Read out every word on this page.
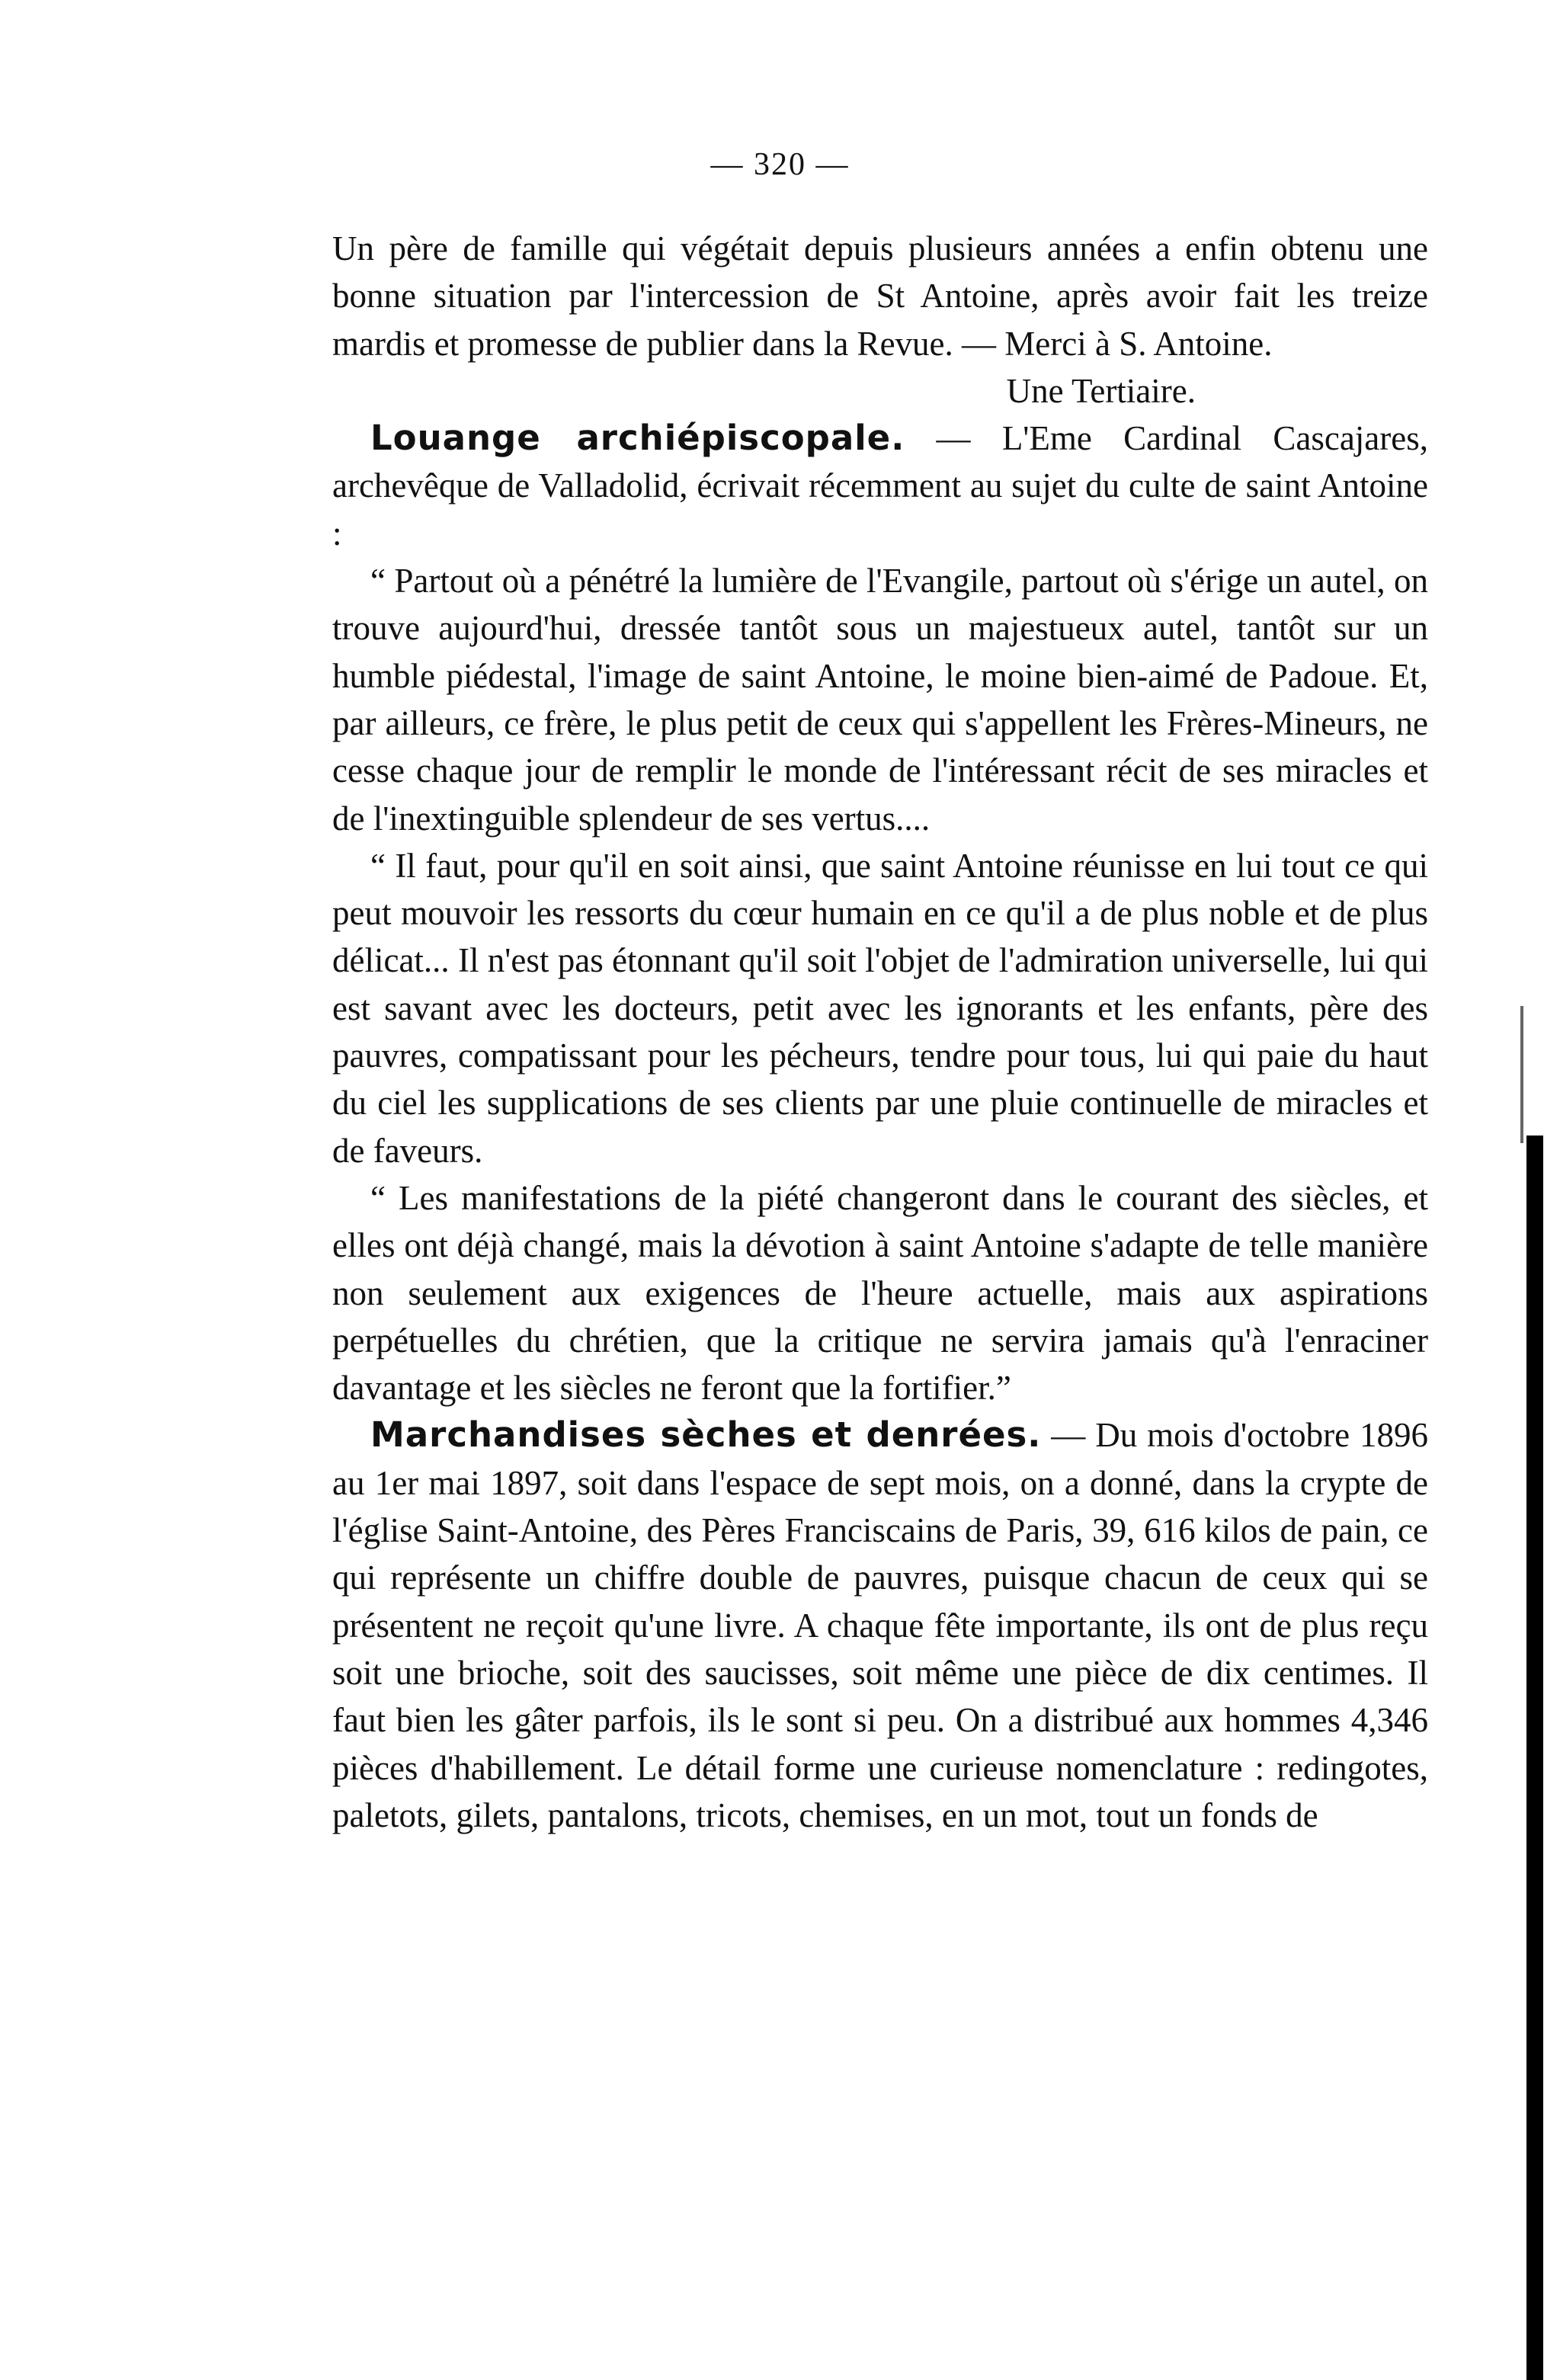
— 320 —

Un père de famille qui végétait depuis plusieurs années a enfin obtenu une bonne situation par l'intercession de St Antoine, après avoir fait les treize mardis et promesse de publier dans la Revue. — Merci à S. Antoine.

Une Tertiaire.

Louange archiépiscopale. — L'Eme Cardinal Cascajares, archevêque de Valladolid, écrivait récemment au sujet du culte de saint Antoine :

“ Partout où a pénétré la lumière de l'Evangile, partout où s'érige un autel, on trouve aujourd'hui, dressée tantôt sous un majestueux autel, tantôt sur un humble piédestal, l'image de saint Antoine, le moine bien-aimé de Padoue. Et, par ailleurs, ce frère, le plus petit de ceux qui s'appellent les Frères-Mineurs, ne cesse chaque jour de remplir le monde de l'intéressant récit de ses miracles et de l'inextinguible splendeur de ses vertus....

“ Il faut, pour qu'il en soit ainsi, que saint Antoine réunisse en lui tout ce qui peut mouvoir les ressorts du cœur humain en ce qu'il a de plus noble et de plus délicat... Il n'est pas étonnant qu'il soit l'objet de l'admiration universelle, lui qui est savant avec les docteurs, petit avec les ignorants et les enfants, père des pauvres, compatissant pour les pécheurs, tendre pour tous, lui qui paie du haut du ciel les supplications de ses clients par une pluie continuelle de miracles et de faveurs.

“ Les manifestations de la piété changeront dans le courant des siècles, et elles ont déjà changé, mais la dévotion à saint Antoine s'adapte de telle manière non seulement aux exigences de l'heure actuelle, mais aux aspirations perpétuelles du chrétien, que la critique ne servira jamais qu'à l'enraciner davantage et les siècles ne feront que la fortifier.”

Marchandises sèches et denrées. — Du mois d'octobre 1896 au 1er mai 1897, soit dans l'espace de sept mois, on a donné, dans la crypte de l'église Saint-Antoine, des Pères Franciscains de Paris, 39, 616 kilos de pain, ce qui représente un chiffre double de pauvres, puisque chacun de ceux qui se présentent ne reçoit qu'une livre. A chaque fête importante, ils ont de plus reçu soit une brioche, soit des saucisses, soit même une pièce de dix centimes. Il faut bien les gâter parfois, ils le sont si peu. On a distribué aux hommes 4,346 pièces d'habillement. Le détail forme une curieuse nomenclature : redingotes, paletots, gilets, pantalons, tricots, chemises, en un mot, tout un fonds de
